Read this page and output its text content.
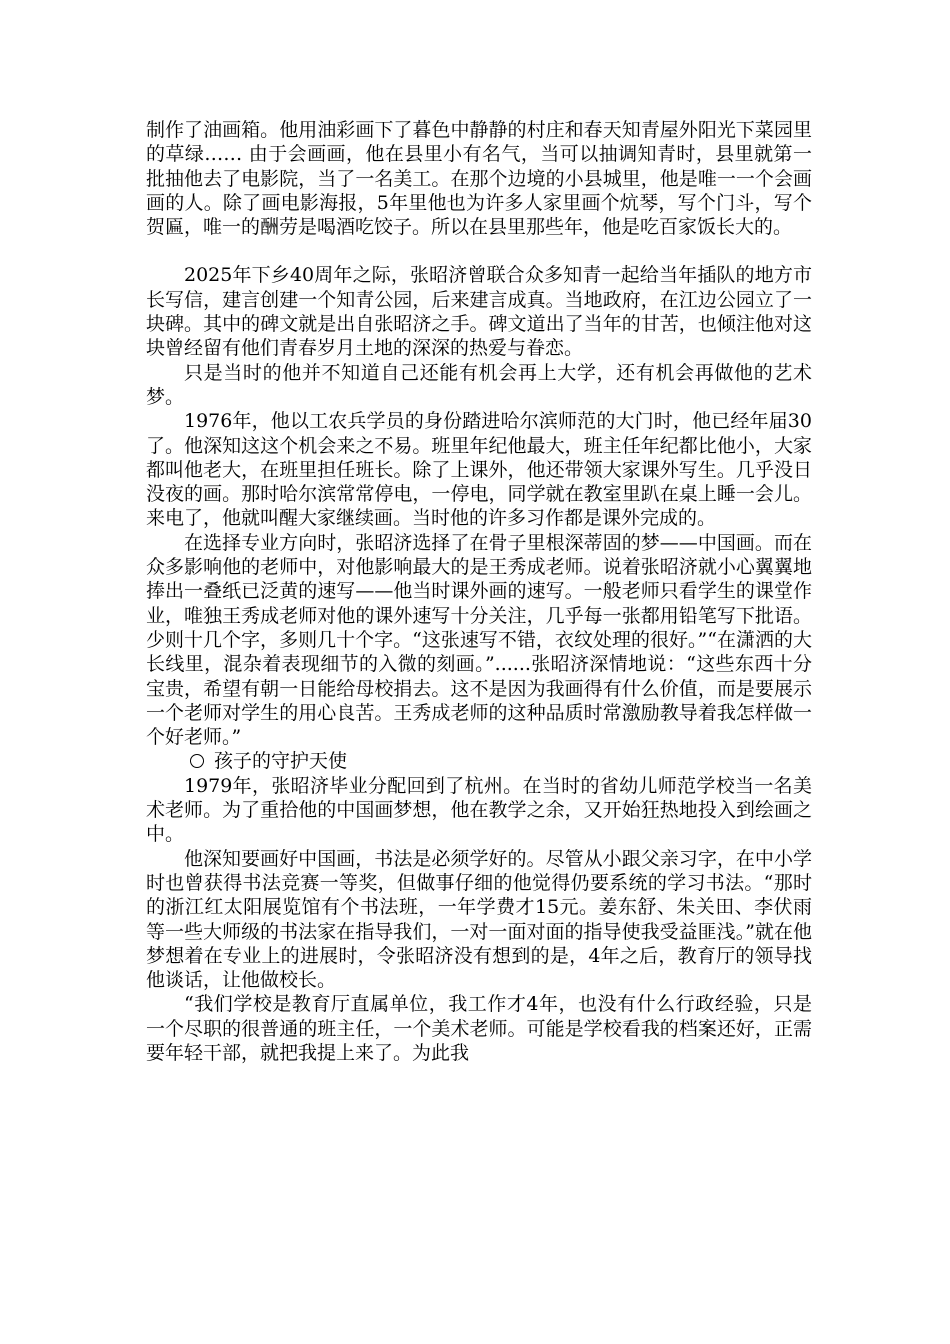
制作了油画箱。他用油彩画下了暮色中静静的村庄和春天知青屋外阳光下菜园里的草绿…… 由于会画画，他在县里小有名气，当可以抽调知青时，县里就第一批抽他去了电影院，当了一名美工。在那个边境的小县城里，他是唯一一个会画画的人。除了画电影海报，5年里他也为许多人家里画个炕琴，写个门斗，写个贺匾，唯一的酬劳是喝酒吃饺子。所以在县里那些年，他是吃百家饭长大的。

2025年下乡40周年之际，张昭济曾联合众多知青一起给当年插队的地方市长写信，建言创建一个知青公园，后来建言成真。当地政府，在江边公园立了一块碑。其中的碑文就是出自张昭济之手。碑文道出了当年的甘苦，也倾注他对这块曾经留有他们青春岁月土地的深深的热爱与眷恋。

只是当时的他并不知道自己还能有机会再上大学，还有机会再做他的艺术梦。

1976年，他以工农兵学员的身份踏进哈尔滨师范的大门时，他已经年届30了。他深知这这个机会来之不易。班里年纪他最大，班主任年纪都比他小，大家都叫他老大，在班里担任班长。除了上课外，他还带领大家课外写生。几乎没日没夜的画。那时哈尔滨常常停电，一停电，同学就在教室里趴在桌上睡一会儿。来电了，他就叫醒大家继续画。当时他的许多习作都是课外完成的。

在选择专业方向时，张昭济选择了在骨子里根深蒂固的梦——中国画。而在众多影响他的老师中，对他影响最大的是王秀成老师。说着张昭济就小心翼翼地捧出一叠纸已泛黄的速写——他当时课外画的速写。一般老师只看学生的课堂作业，唯独王秀成老师对他的课外速写十分关注，几乎每一张都用铅笔写下批语。少则十几个字，多则几十个字。“这张速写不错，衣纹处理的很好。”“在潇洒的大长线里，混杂着表现细节的入微的刻画。”......张昭济深情地说：“这些东西十分宝贵，希望有朝一日能给母校捐去。这不是因为我画得有什么价值，而是要展示一个老师对学生的用心良苦。王秀成老师的这种品质时常激励教导着我怎样做一个好老师。”

孩子的守护天使

1979年，张昭济毕业分配回到了杭州。在当时的省幼儿师范学校当一名美术老师。为了重拾他的中国画梦想，他在教学之余，又开始狂热地投入到绘画之中。

他深知要画好中国画，书法是必须学好的。尽管从小跟父亲习字，在中小学时也曾获得书法竞赛一等奖，但做事仔细的他觉得仍要系统的学习书法。“那时的浙江红太阳展览馆有个书法班，一年学费才15元。姜东舒、朱关田、李伏雨等一些大师级的书法家在指导我们，一对一面对面的指导使我受益匪浅。”就在他梦想着在专业上的进展时，令张昭济没有想到的是，4年之后，教育厅的领导找他谈话，让他做校长。

“我们学校是教育厅直属单位，我工作才4年，也没有什么行政经验，只是一个尽职的很普通的班主任，一个美术老师。可能是学校看我的档案还好，正需要年轻干部，就把我提上来了。为此我
